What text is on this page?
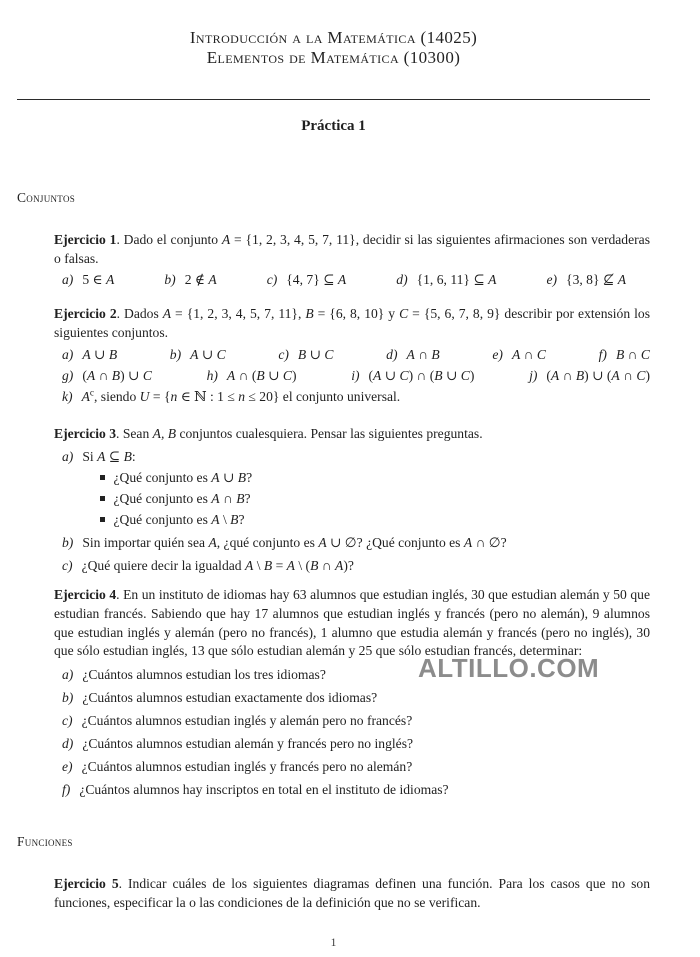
Introducción a la Matemática (14025)
Elementos de Matemática (10300)
Práctica 1
Conjuntos

Ejercicio 1. Dado el conjunto A = {1, 2, 3, 4, 5, 7, 11}, decidir si las siguientes afirmaciones son verdaderas o falsas.

a) 5 ∈ A	b) 2 ∉ A	c) {4, 7} ⊆ A	d) {1, 6, 11} ⊆ A	e) {3, 8} ⊈ A

Ejercicio 2. Dados A = {1, 2, 3, 4, 5, 7, 11}, B = {6, 8, 10} y C = {5, 6, 7, 8, 9} describir por extensión los siguientes conjuntos.

a) A ∪ B	b) A ∪ C	c) B ∪ C	d) A ∩ B	e) A ∩ C	f) B ∩ C
g) (A ∩ B) ∪ C	h) A ∩ (B ∪ C)	i) (A ∪ C) ∩ (B ∪ C)	j) (A ∩ B) ∪ (A ∩ C)
k) $A^c$, siendo U = {n ∈ ℕ : 1 ≤ n ≤ 20} el conjunto universal.

Ejercicio 3. Sean A, B conjuntos cualesquiera. Pensar las siguientes preguntas.

a) Si A ⊆ B:
¿Qué conjunto es A ∪ B?
¿Qué conjunto es A ∩ B?
¿Qué conjunto es A \ B?
b) Sin importar quién sea A, ¿qué conjunto es A ∪ ∅? ¿Qué conjunto es A ∩ ∅?
c) ¿Qué quiere decir la igualdad A \ B = A \ (B ∩ A)?

Ejercicio 4. En un instituto de idiomas hay 63 alumnos que estudian inglés, 30 que estudian alemán y 50 que estudian francés. Sabiendo que hay 17 alumnos que estudian inglés y francés (pero no alemán), 9 alumnos que estudian inglés y alemán (pero no francés), 1 alumno que estudia alemán y francés (pero no inglés), 30 que sólo estudian inglés, 13 que sólo estudian alemán y 25 que sólo estudian francés, determinar:

a) ¿Cuántos alumnos estudian los tres idiomas?
b) ¿Cuántos alumnos estudian exactamente dos idiomas?
c) ¿Cuántos alumnos estudian inglés y alemán pero no francés?
d) ¿Cuántos alumnos estudian alemán y francés pero no inglés?
e) ¿Cuántos alumnos estudian inglés y francés pero no alemán?
f) ¿Cuántos alumnos hay inscriptos en total en el instituto de idiomas?
Funciones

Ejercicio 5. Indicar cuáles de los siguientes diagramas definen una función. Para los casos que no son funciones, especificar la o las condiciones de la definición que no se verifican.

ALTILLO.COM
1
